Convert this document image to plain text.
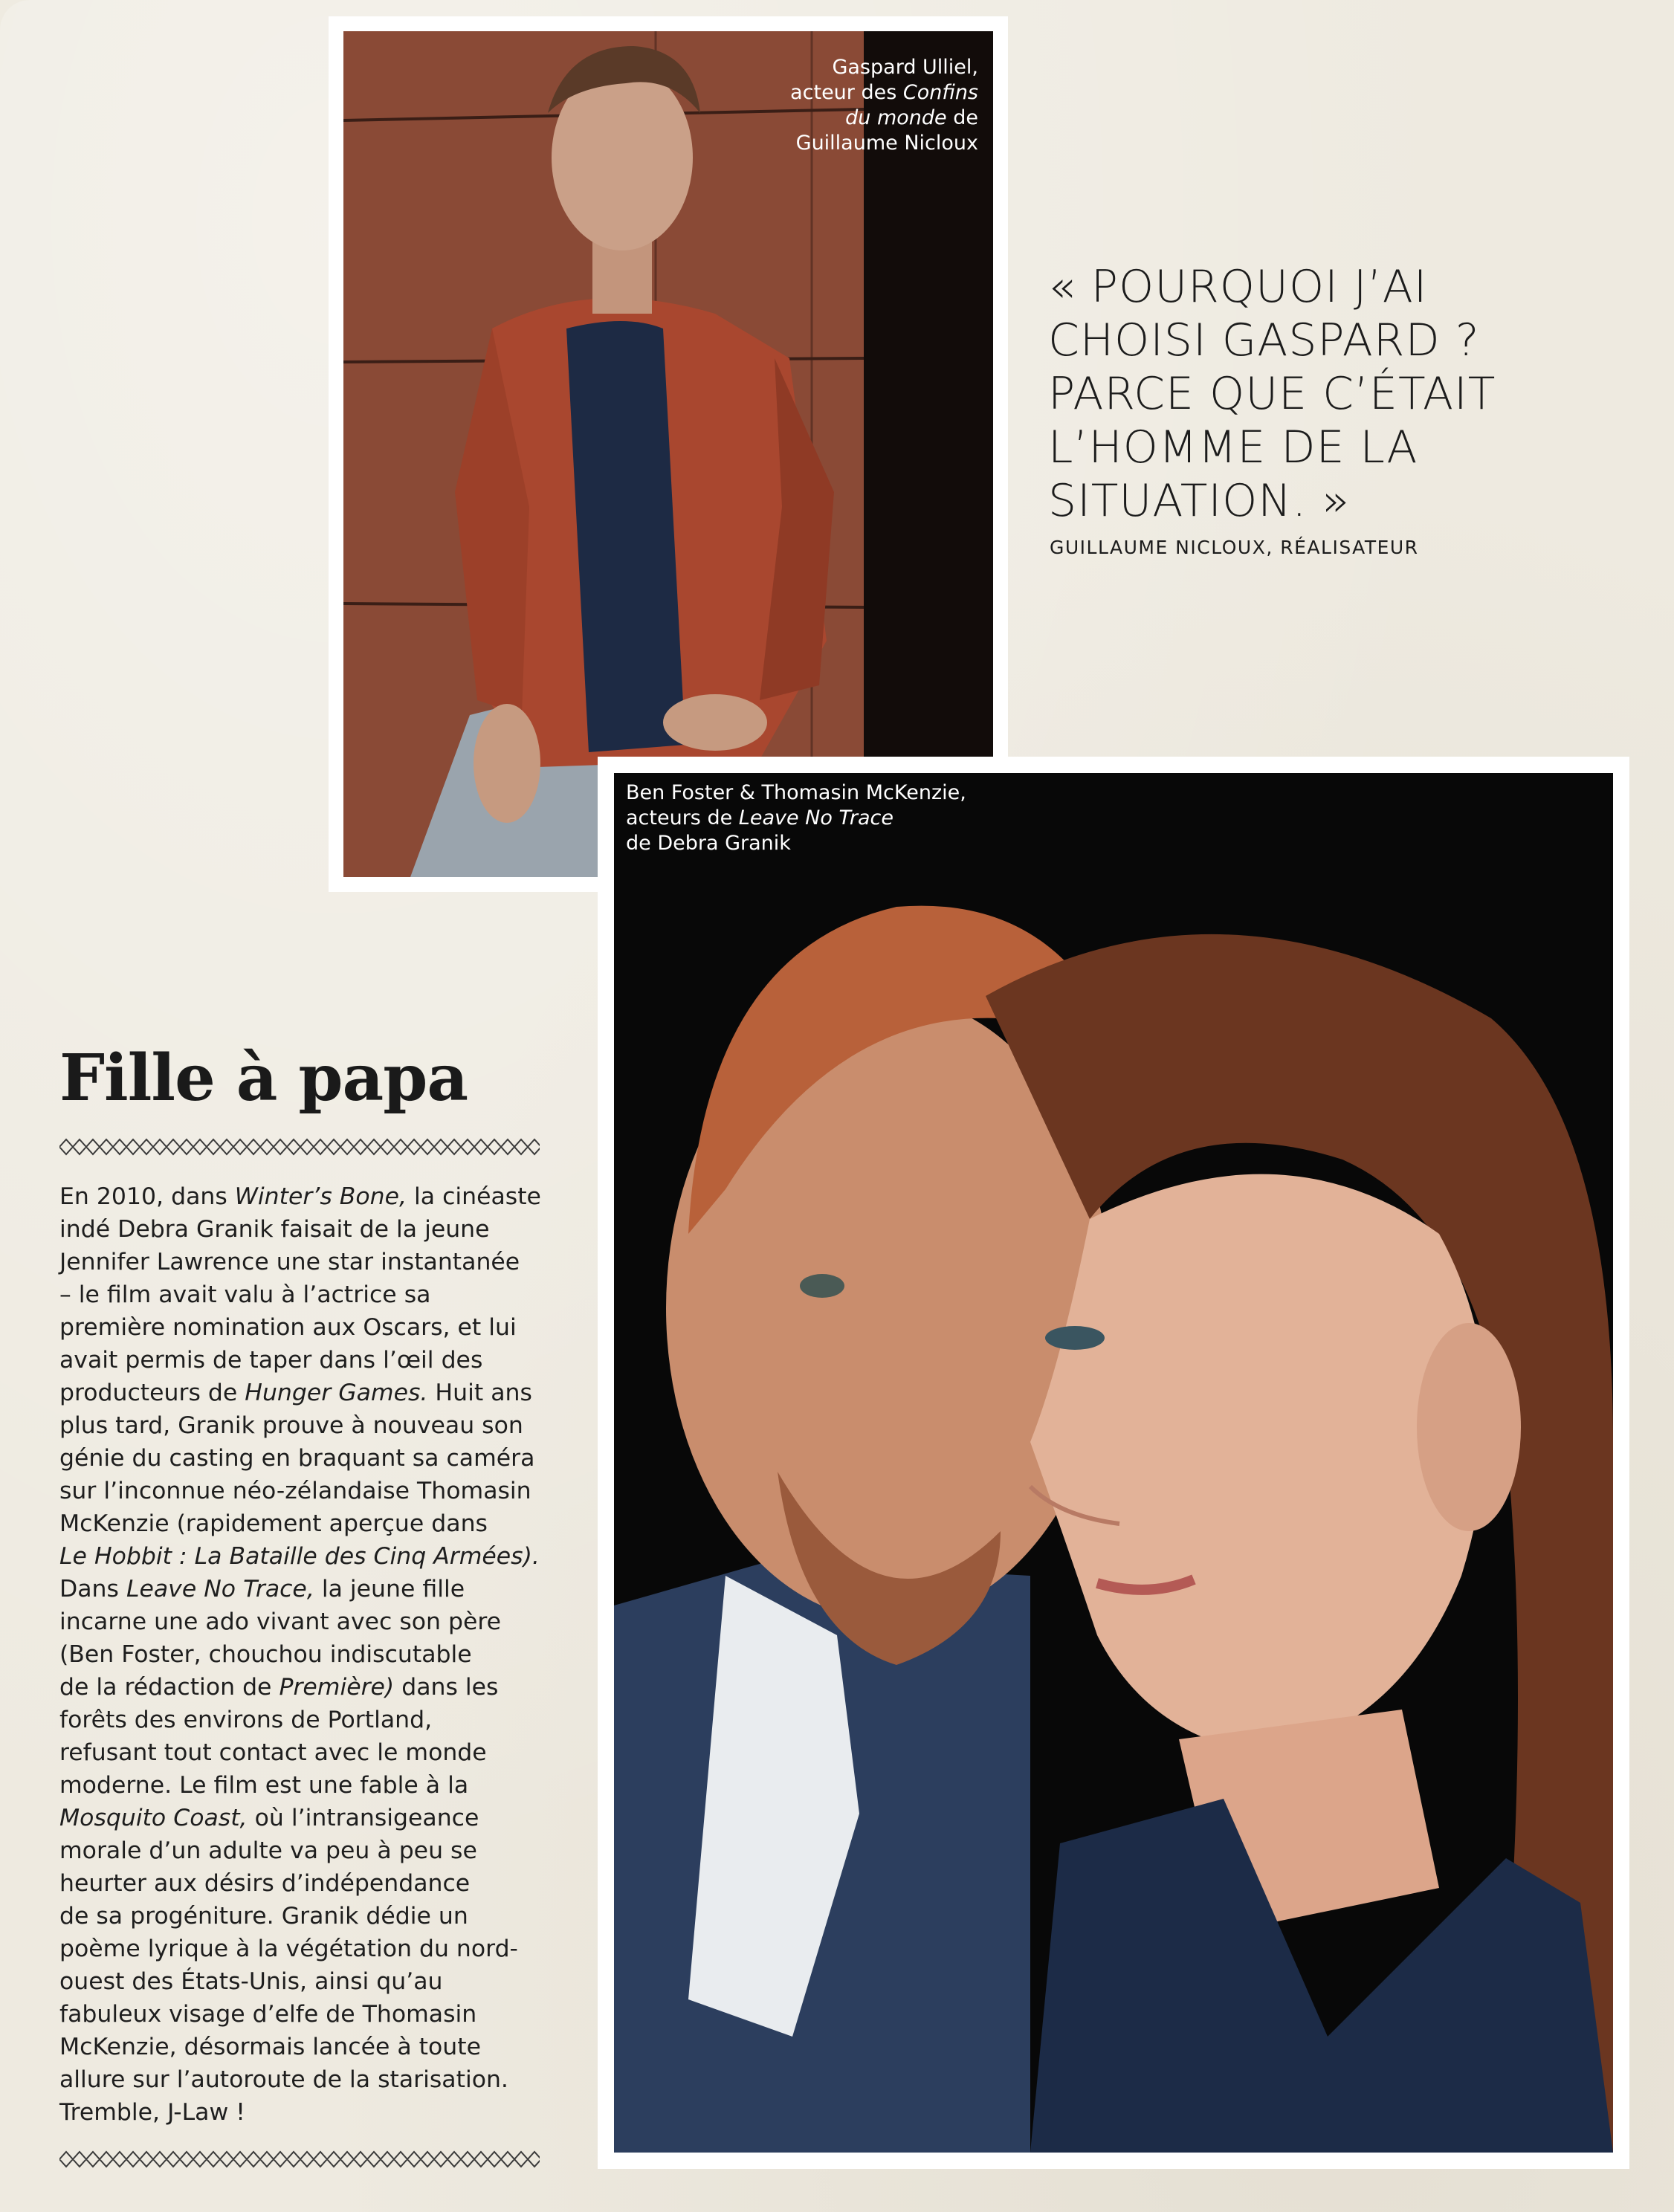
Gaspard Ulliel,
acteur des Confins
du monde de
Guillaume Nicloux
« POURQUOI J’AI
CHOISI GASPARD ?
PARCE QUE C’ÉTAIT
L’HOMME DE LA
SITUATION. »
GUILLAUME NICLOUX, RÉALISATEUR
Ben Foster & Thomasin McKenzie,
acteurs de Leave No Trace
de Debra Granik
Fille à papa
En 2010, dans Winter’s Bone, la cinéaste
indé Debra Granik faisait de la jeune
Jennifer Lawrence une star instantanée
– le film avait valu à l’actrice sa
première nomination aux Oscars, et lui
avait permis de taper dans l’œil des
producteurs de Hunger Games. Huit ans
plus tard, Granik prouve à nouveau son
génie du casting en braquant sa caméra
sur l’inconnue néo-zélandaise Thomasin
McKenzie (rapidement aperçue dans
Le Hobbit : La Bataille des Cinq Armées).
Dans Leave No Trace, la jeune fille
incarne une ado vivant avec son père
(Ben Foster, chouchou indiscutable
de la rédaction de Première) dans les
forêts des environs de Portland,
refusant tout contact avec le monde
moderne. Le film est une fable à la
Mosquito Coast, où l’intransigeance
morale d’un adulte va peu à peu se
heurter aux désirs d’indépendance
de sa progéniture. Granik dédie un
poème lyrique à la végétation du nord-
ouest des États-Unis, ainsi qu’au
fabuleux visage d’elfe de Thomasin
McKenzie, désormais lancée à toute
allure sur l’autoroute de la starisation.
Tremble, J-Law !
